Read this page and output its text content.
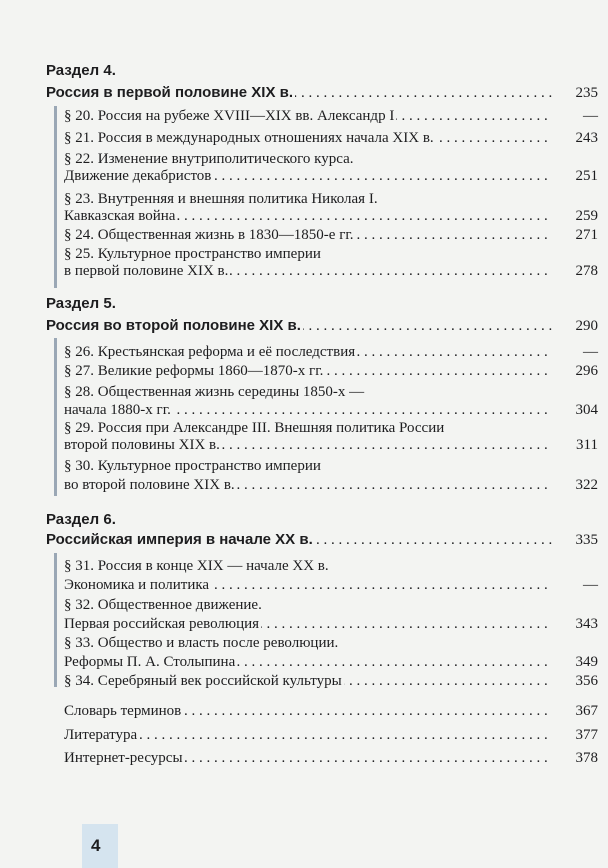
Раздел 4.
Россия в первой половине XIX в. . . .	235
§ 20. Россия на рубеже XVIII—XIX вв. Александр I . . .	—
§ 21. Россия в международных отношениях начала XIX в. . . .	243
§ 22. Изменение внутриполитического курса.
Движение декабристов . . .	251
§ 23. Внутренняя и внешняя политика Николая I.
Кавказская война . . .	259
§ 24. Общественная жизнь в 1830—1850-е гг. . . .	271
§ 25. Культурное пространство империи
в первой половине XIX в. . . .	278
Раздел 5.
Россия во второй половине XIX в. . . .	290
§ 26. Крестьянская реформа и её последствия . . .	—
§ 27. Великие реформы 1860—1870-х гг. . . .	296
§ 28. Общественная жизнь середины 1850-х —
начала 1880-х гг. . . .	304
§ 29. Россия при Александре III. Внешняя политика России
второй половины XIX в. . . .	311
§ 30. Культурное пространство империи
во второй половине XIX в. . . .	322
Раздел 6.
Российская империя в начале XX в. . . .	335
§ 31. Россия в конце XIX — начале XX в.
Экономика и политика . . .	—
§ 32. Общественное движение.
Первая российская революция . . .	343
§ 33. Общество и власть после революции.
Реформы П. А. Столыпина . . .	349
§ 34. Серебряный век российской культуры . . .	356
Словарь терминов . . .	367
Литература . . .	377
Интернет-ресурсы . . .	378
4
